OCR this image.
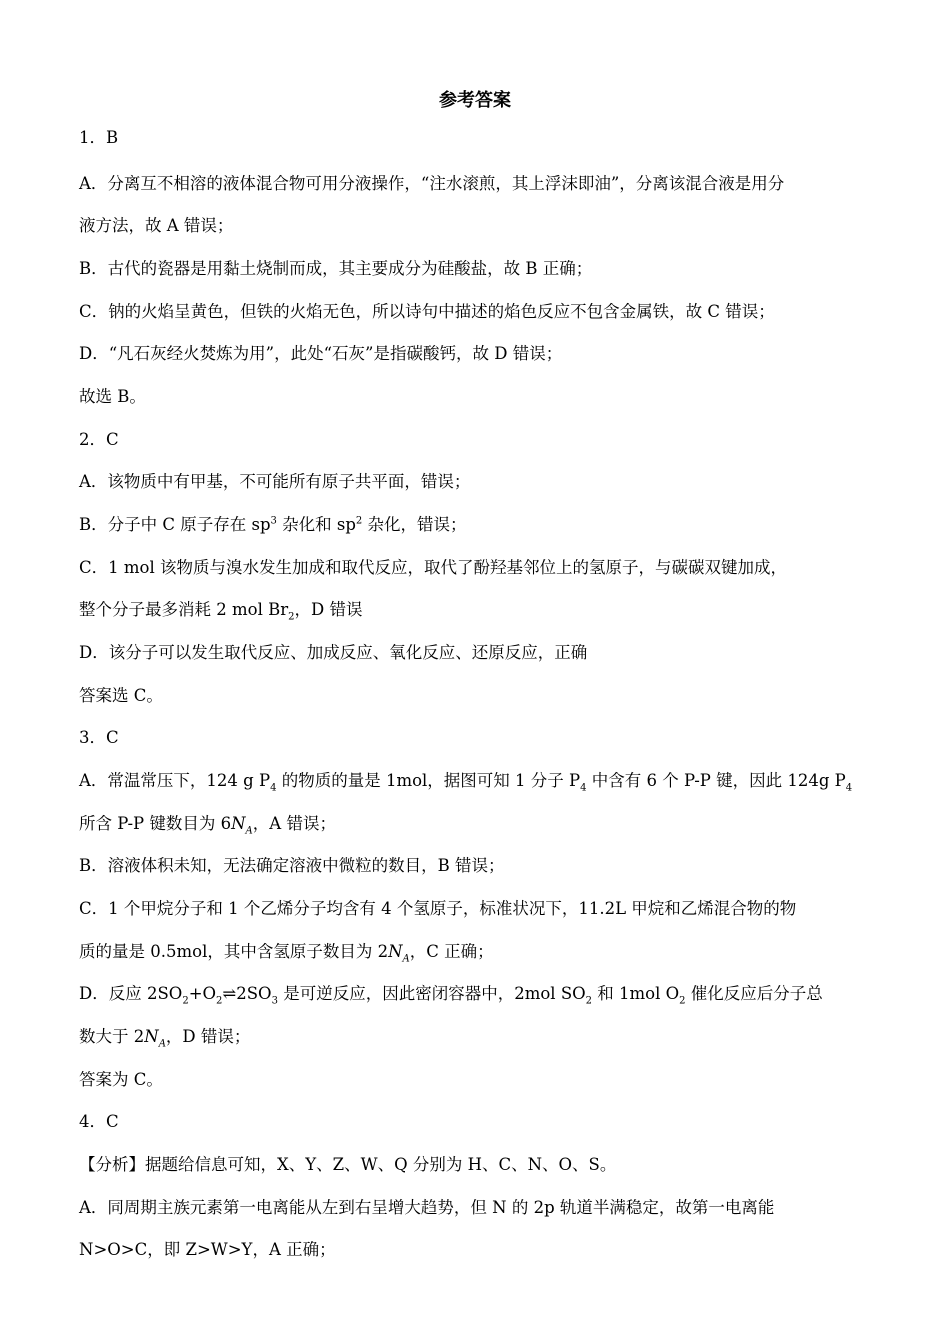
参考答案
1．B
A．分离互不相溶的液体混合物可用分液操作，“注水滚煎，其上浮沫即油”，分离该混合液是用分
液方法，故 A 错误；
B．古代的瓷器是用黏土烧制而成，其主要成分为硅酸盐，故 B 正确；
C．钠的火焰呈黄色，但铁的火焰无色，所以诗句中描述的焰色反应不包含金属铁，故 C 错误；
D．“凡石灰经火焚炼为用”，此处“石灰”是指碳酸钙，故 D 错误；
故选 B。
2．C
A．该物质中有甲基，不可能所有原子共平面，错误；
B．分子中 C 原子存在 $sp^3$ 杂化和 $sp^2$ 杂化，错误；
C．1 mol 该物质与溴水发生加成和取代反应，取代了酚羟基邻位上的氢原子，与碳碳双键加成，
整个分子最多消耗 2 mol $Br_2$，D 错误
D．该分子可以发生取代反应、加成反应、氧化反应、还原反应，正确
答案选 C。
3．C
A．常温常压下，124 g $P_4$ 的物质的量是 1mol，据图可知 1 分子 $P_4$ 中含有 6 个 P-P 键，因此 124g $P_4$
所含 P-P 键数目为 $6N_A$，A 错误；
B．溶液体积未知，无法确定溶液中微粒的数目，B 错误；
C．1 个甲烷分子和 1 个乙烯分子均含有 4 个氢原子，标准状况下，11.2L 甲烷和乙烯混合物的物
质的量是 0.5mol，其中含氢原子数目为 $2N_A$，C 正确；
D．反应 $2SO_2+O_2\rightleftharpoons 2SO_3$ 是可逆反应，因此密闭容器中，2mol $SO_2$ 和 1mol $O_2$ 催化反应后分子总
数大于 $2N_A$，D 错误；
答案为 C。
4．C
【分析】据题给信息可知，X、Y、Z、W、Q 分别为 H、C、N、O、S。
A．同周期主族元素第一电离能从左到右呈增大趋势，但 N 的 2p 轨道半满稳定，故第一电离能
N>O>C，即 Z>W>Y，A 正确；
